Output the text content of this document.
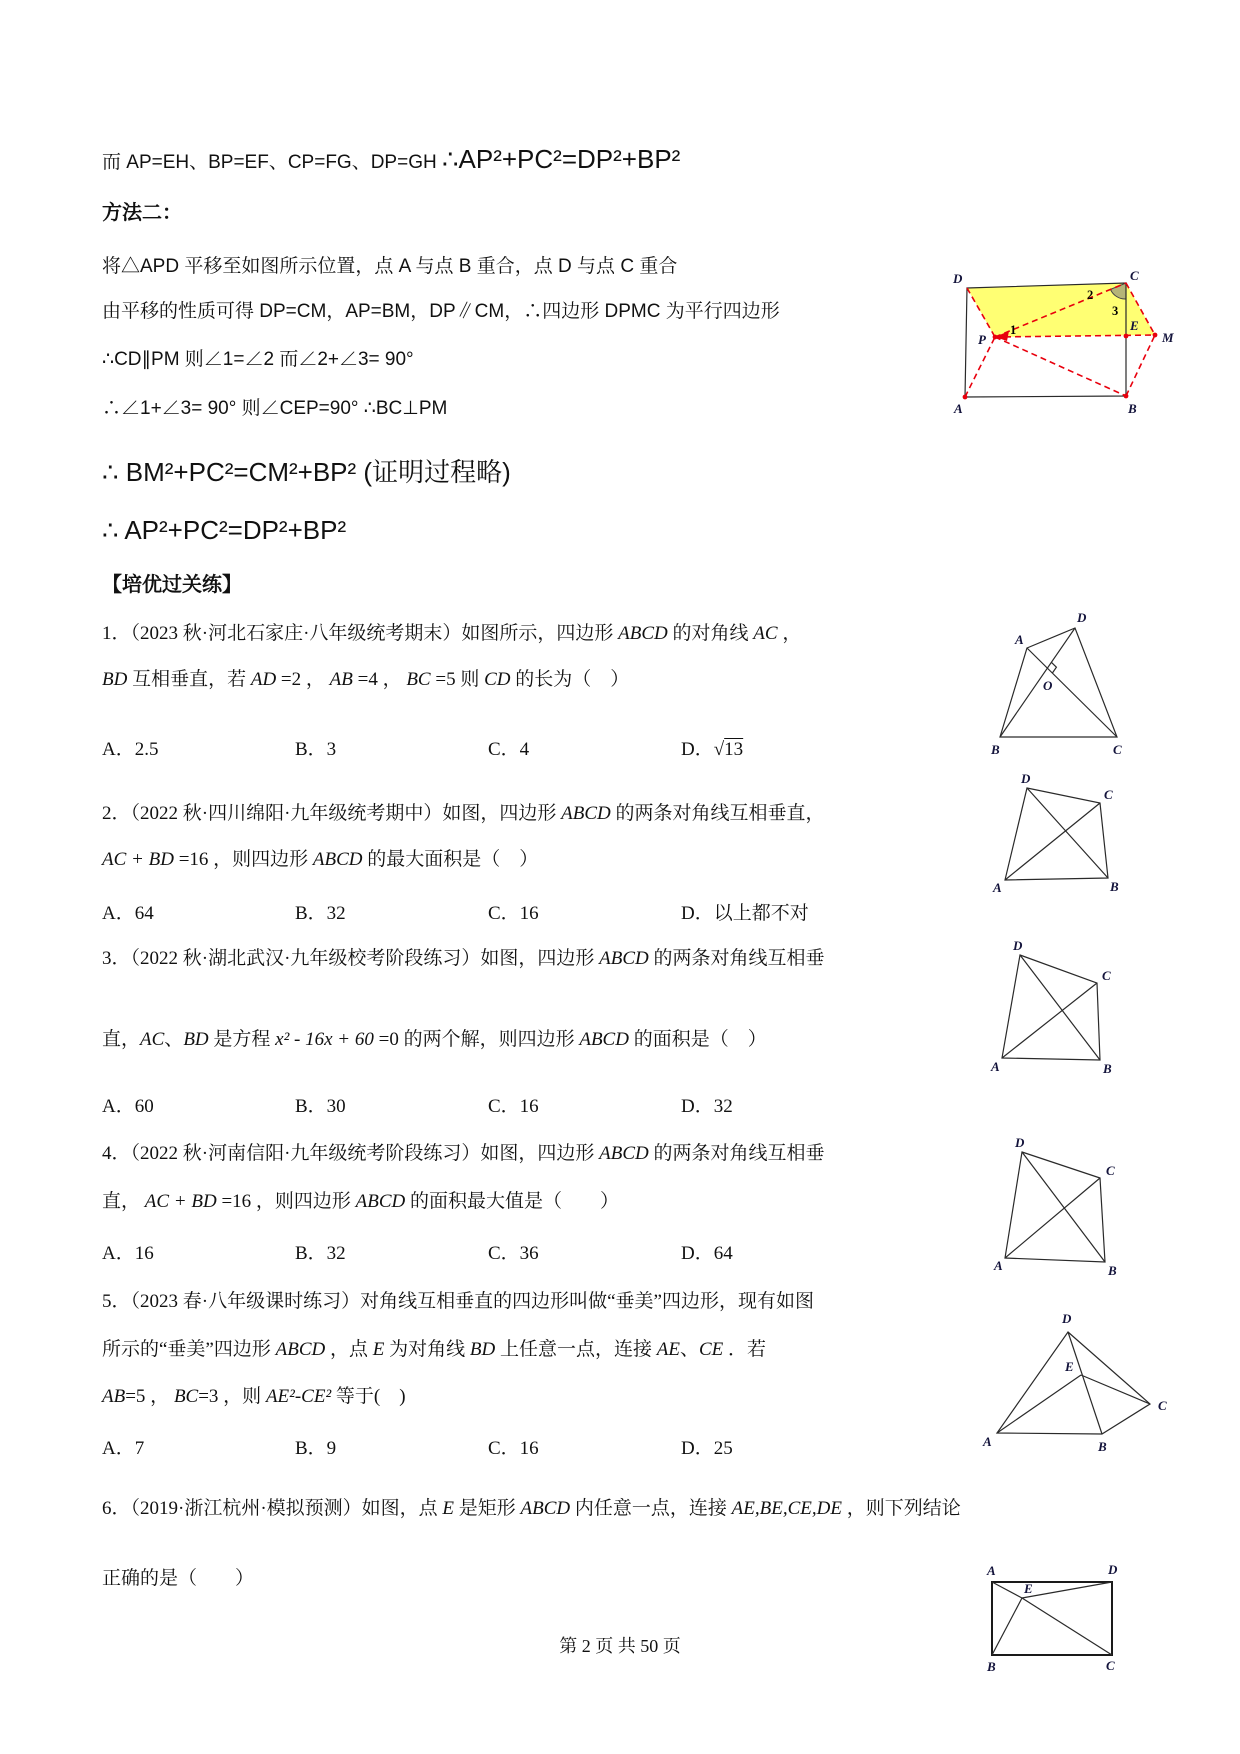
而 AP=EH、BP=EF、CP=FG、DP=GH ∴AP²+PC²=DP²+BP²
方法二：
将△APD 平移至如图所示位置，点 A 与点 B 重合，点 D 与点 C 重合
由平移的性质可得 DP=CM，AP=BM，DP∥CM，∴四边形 DPMC 为平行四边形
∴CD∥PM 则∠1=∠2 而∠2+∠3= 90°
∴∠1+∠3= 90° 则∠CEP=90° ∴BC⊥PM
∴ BM²+PC²=CM²+BP² (证明过程略)
∴ AP²+PC²=DP²+BP²
【培优过关练】
1．（2023 秋·河北石家庄·八年级统考期末）如图所示，四边形 ABCD 的对角线 AC ，
BD 互相垂直，若 AD =2 ， AB =4 ， BC =5 则 CD 的长为（　）
A．2.5	B．3	C．4	D．√13
2．（2022 秋·四川绵阳·九年级统考期中）如图，四边形 ABCD 的两条对角线互相垂直，
AC + BD =16 ，则四边形 ABCD 的最大面积是（　）
A．64	B．32	C．16	D．以上都不对
3．（2022 秋·湖北武汉·九年级校考阶段练习）如图，四边形 ABCD 的两条对角线互相垂
直，AC、BD 是方程 x² - 16x + 60 =0 的两个解，则四边形 ABCD 的面积是（　）
A．60	B．30	C．16	D．32
4．（2022 秋·河南信阳·九年级统考阶段练习）如图，四边形 ABCD 的两条对角线互相垂
直， AC + BD =16 ，则四边形 ABCD 的面积最大值是（　　）
A．16	B．32	C．36	D．64
5．（2023 春·八年级课时练习）对角线互相垂直的四边形叫做“垂美”四边形，现有如图
所示的“垂美”四边形 ABCD ，点 E 为对角线 BD 上任意一点，连接 AE、CE ．若
AB=5 ， BC=3 ，则 AE²-CE² 等于(　)
A．7	B．9	C．16	D．25
6．（2019·浙江杭州·模拟预测）如图，点 E 是矩形 ABCD 内任意一点，连接 AE,BE,CE,DE ，则下列结论
正确的是（　　）
第 2 页 共 50 页
D	C
P
E
M
A	B
1
2
3
A
D
O
B	C
D
C
A	B
D
C
A	B
D
C
A	B
D
E
A	B
C
A	D
E
B	C
